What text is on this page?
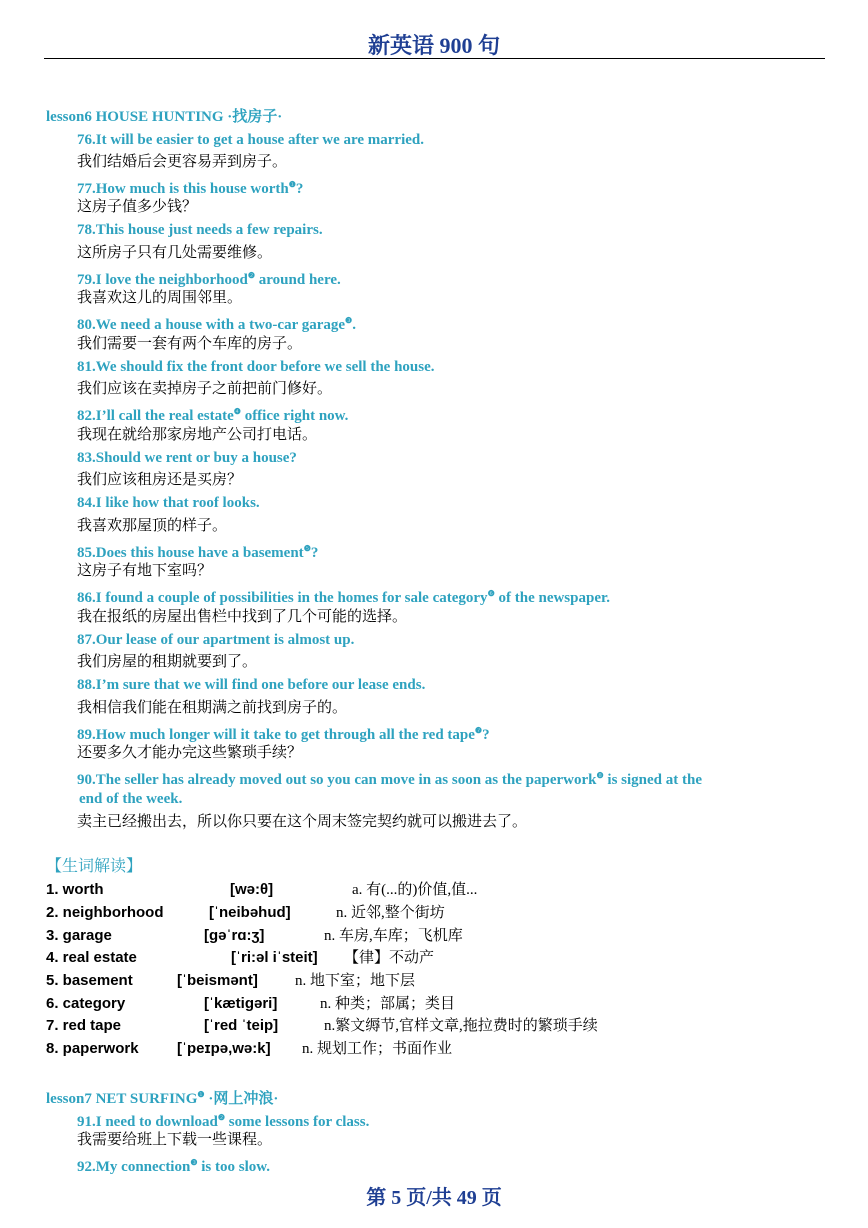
新英语 900 句
lesson6 HOUSE HUNTING ·找房子·
76.It will be easier to get a house after we are married.
我们结婚后会更容易弄到房子。
77.How much is this house worth$^❶$?
这房子值多少钱？
78.This house just needs a few repairs.
这所房子只有几处需要维修。
79.I love the neighborhood$^❷$ around here.
我喜欢这儿的周围邻里。
80.We need a house with a two-car garage$^❸$.
我们需要一套有两个车库的房子。
81.We should fix the front door before we sell the house.
我们应该在卖掉房子之前把前门修好。
82.I’ll call the real estate$^❹$ office right now.
我现在就给那家房地产公司打电话。
83.Should we rent or buy a house?
我们应该租房还是买房？
84.I like how that roof looks.
我喜欢那屋顶的样子。
85.Does this house have a basement$^❺$?
这房子有地下室吗？
86.I found a couple of possibilities in the homes for sale category$^❻$ of the newspaper.
我在报纸的房屋出售栏中找到了几个可能的选择。
87.Our lease of our apartment is almost up.
我们房屋的租期就要到了。
88.I’m sure that we will find one before our lease ends.
我相信我们能在租期满之前找到房子的。
89.How much longer will it take to get through all the red tape$^❼$?
还要多久才能办完这些繁琐手续？
90.The seller has already moved out so you can move in as soon as the paperwork$^❽$ is signed at the
end of the week.
卖主已经搬出去，所以你只要在这个周末签完契约就可以搬进去了。
【生词解读】
1. worth	[wə:θ]	a. 有(...的)价值,值...
2. neighborhood	[ˈneibəhud]	n. 近邻,整个街坊
3. garage	[gəˈrɑ:ʒ]	n. 车房,车库；飞机库
4. real estate	[ˈri:əl iˈsteit] 【律】不动产
5. basement	[ˈbeismənt] n. 地下室；地下层
6. category	[ˈkætigəri]	n. 种类；部属；类目
7. red tape	[ˈred ˈteip]	n.繁文缛节,官样文章,拖拉费时的繁琐手续
8. paperwork	[ˈpeɪpə,wə:k] n. 规划工作；书面作业
lesson7 NET $SURFING^❶$ ·网上冲浪·
91.I need to download$^❷$ some lessons for class.
我需要给班上下载一些课程。
92.My connection$^❸$ is too slow.
第 5 页/共 49 页
